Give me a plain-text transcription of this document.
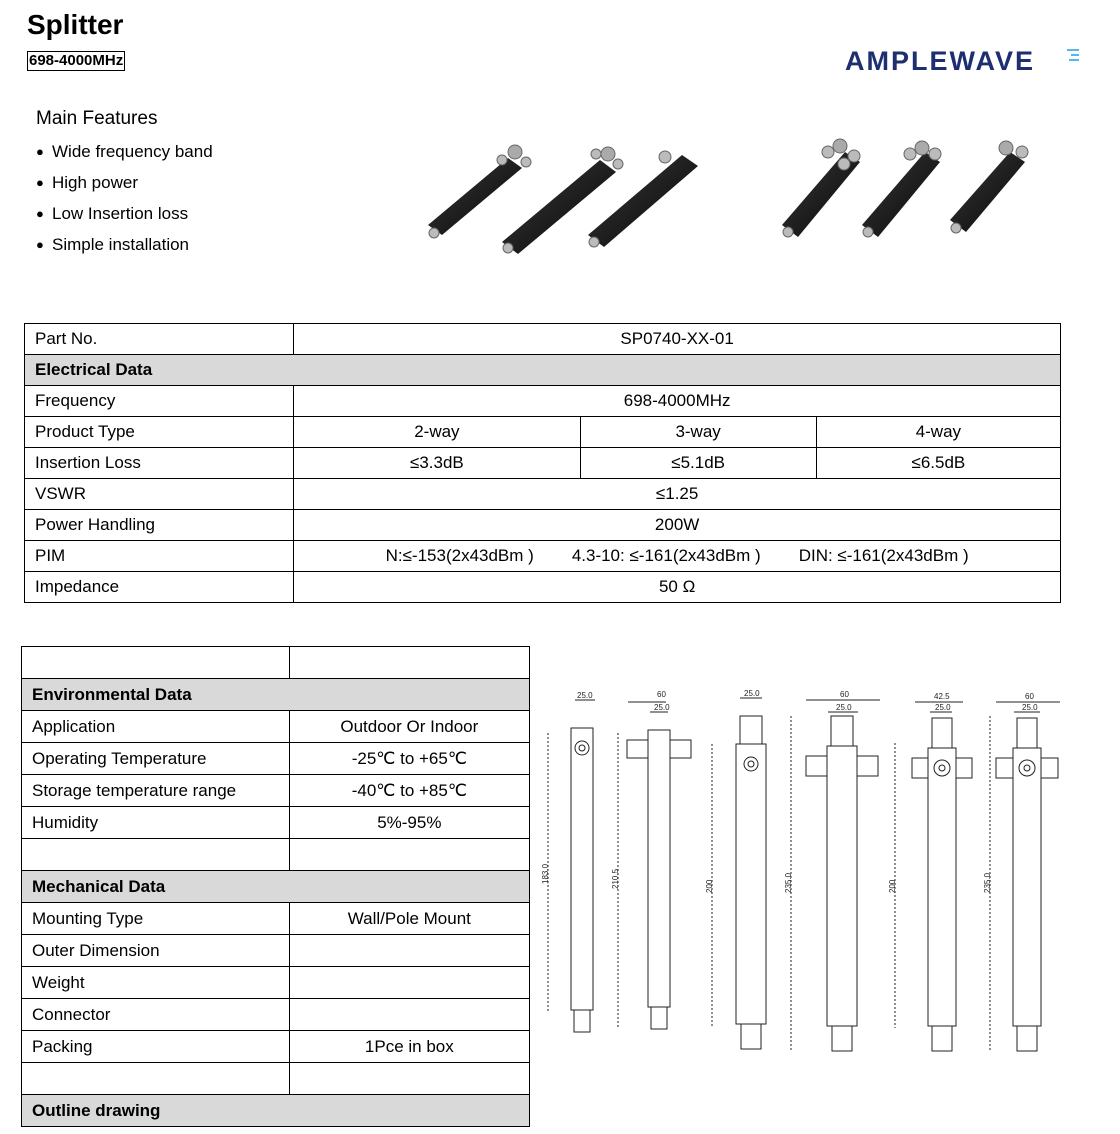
Splitter
698-4000MHz	AMPLEWAVE
Main Features
● Wide frequency band
● High power
● Low Insertion loss
● Simple installation
Part No.	SP0740-XX-01		
Electrical Data			
Frequency	698-4000MHz		
Product Type	2-way	3-way	4-way
Insertion Loss	≤3.3dB	≤5.1dB	≤6.5dB
VSWR	≤1.25		
Power Handling	200W		
PIM	N:≤-153(2x43dBm ) 4.3-10: ≤-161(2x43dBm ) DIN: ≤-161(2x43dBm )		

Impedance	50 Ω		

Environmental Data	
Application	Outdoor Or Indoor
Operating Temperature	-25℃ to +65℃
Storage temperature range	-40℃ to +85℃
Humidity	5%-95%

Mechanical Data	
Mounting Type	Wall/Pole Mount
Outer Dimension	
Weight	
Connector	
Packing	1Pce in box

Outline drawing	
25.0
183.0
60
25.0
210.5
25.0
200
60
25.0
235.0
42.5
25.0
200
60
25.0
235.0
